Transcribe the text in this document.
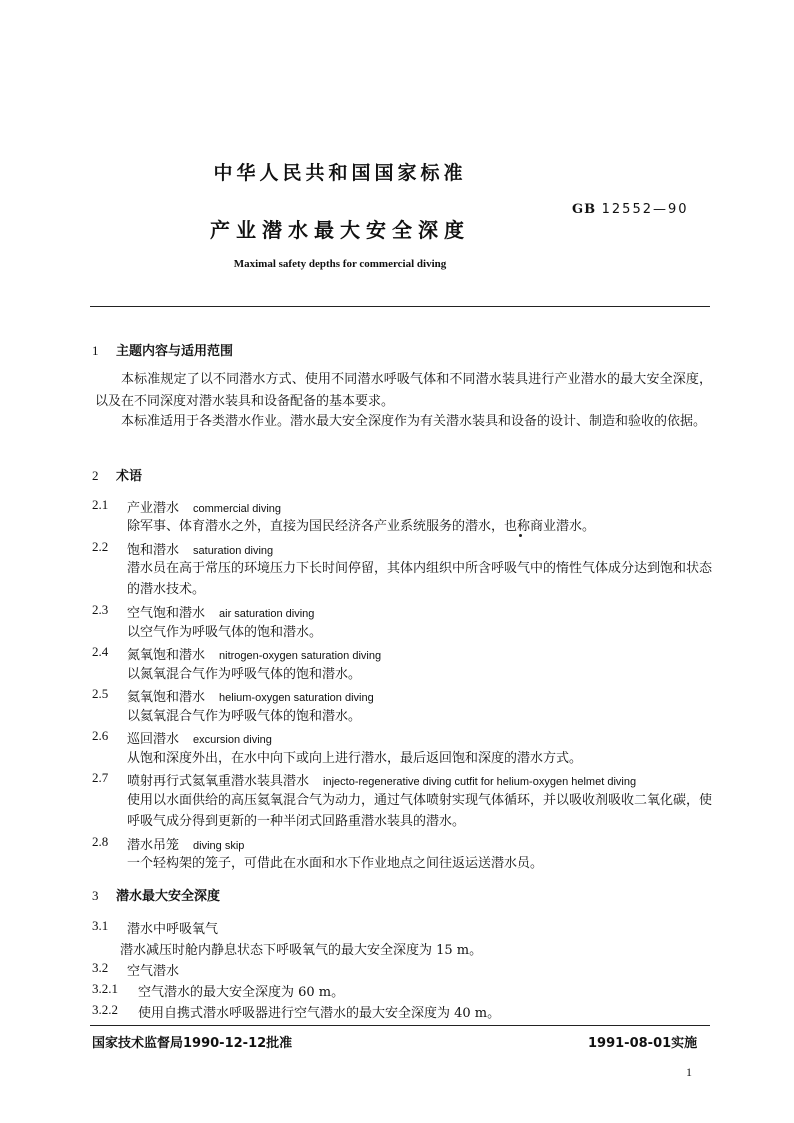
中华人民共和国国家标准
GB 12552—90
产业潜水最大安全深度
Maximal safety depths for commercial diving
1 主题内容与适用范围
本标准规定了以不同潜水方式、使用不同潜水呼吸气体和不同潜水装具进行产业潜水的最大安全深度，以及在不同深度对潜水装具和设备配备的基本要求。
本标准适用于各类潜水作业。潜水最大安全深度作为有关潜水装具和设备的设计、制造和验收的依据。
2 术语
2.1 产业潜水 commercial diving
除军事、体育潜水之外，直接为国民经济各产业系统服务的潜水，也称商业潜水。
2.2 饱和潜水 saturation diving
潜水员在高于常压的环境压力下长时间停留，其体内组织中所含呼吸气中的惰性气体成分达到饱和状态的潜水技术。
2.3 空气饱和潜水 air saturation diving
以空气作为呼吸气体的饱和潜水。
2.4 氮氧饱和潜水 nitrogen-oxygen saturation diving
以氮氧混合气作为呼吸气体的饱和潜水。
2.5 氦氧饱和潜水 helium-oxygen saturation diving
以氦氧混合气作为呼吸气体的饱和潜水。
2.6 巡回潜水 excursion diving
从饱和深度外出，在水中向下或向上进行潜水，最后返回饱和深度的潜水方式。
2.7 喷射再行式氦氧重潜水装具潜水 injecto-regenerative diving cutfit for helium-oxygen helmet diving
使用以水面供给的高压氦氧混合气为动力，通过气体喷射实现气体循环，并以吸收剂吸收二氧化碳，使呼吸气成分得到更新的一种半闭式回路重潜水装具的潜水。
2.8 潜水吊笼 diving skip
一个轻构架的笼子，可借此在水面和水下作业地点之间往返运送潜水员。
3 潜水最大安全深度
3.1 潜水中呼吸氧气
潜水减压时舱内静息状态下呼吸氧气的最大安全深度为 15 m。
3.2 空气潜水
3.2.1 空气潜水的最大安全深度为 60 m。
3.2.2 使用自携式潜水呼吸器进行空气潜水的最大安全深度为 40 m。
国家技术监督局1990-12-12批准	1991-08-01实施
1
